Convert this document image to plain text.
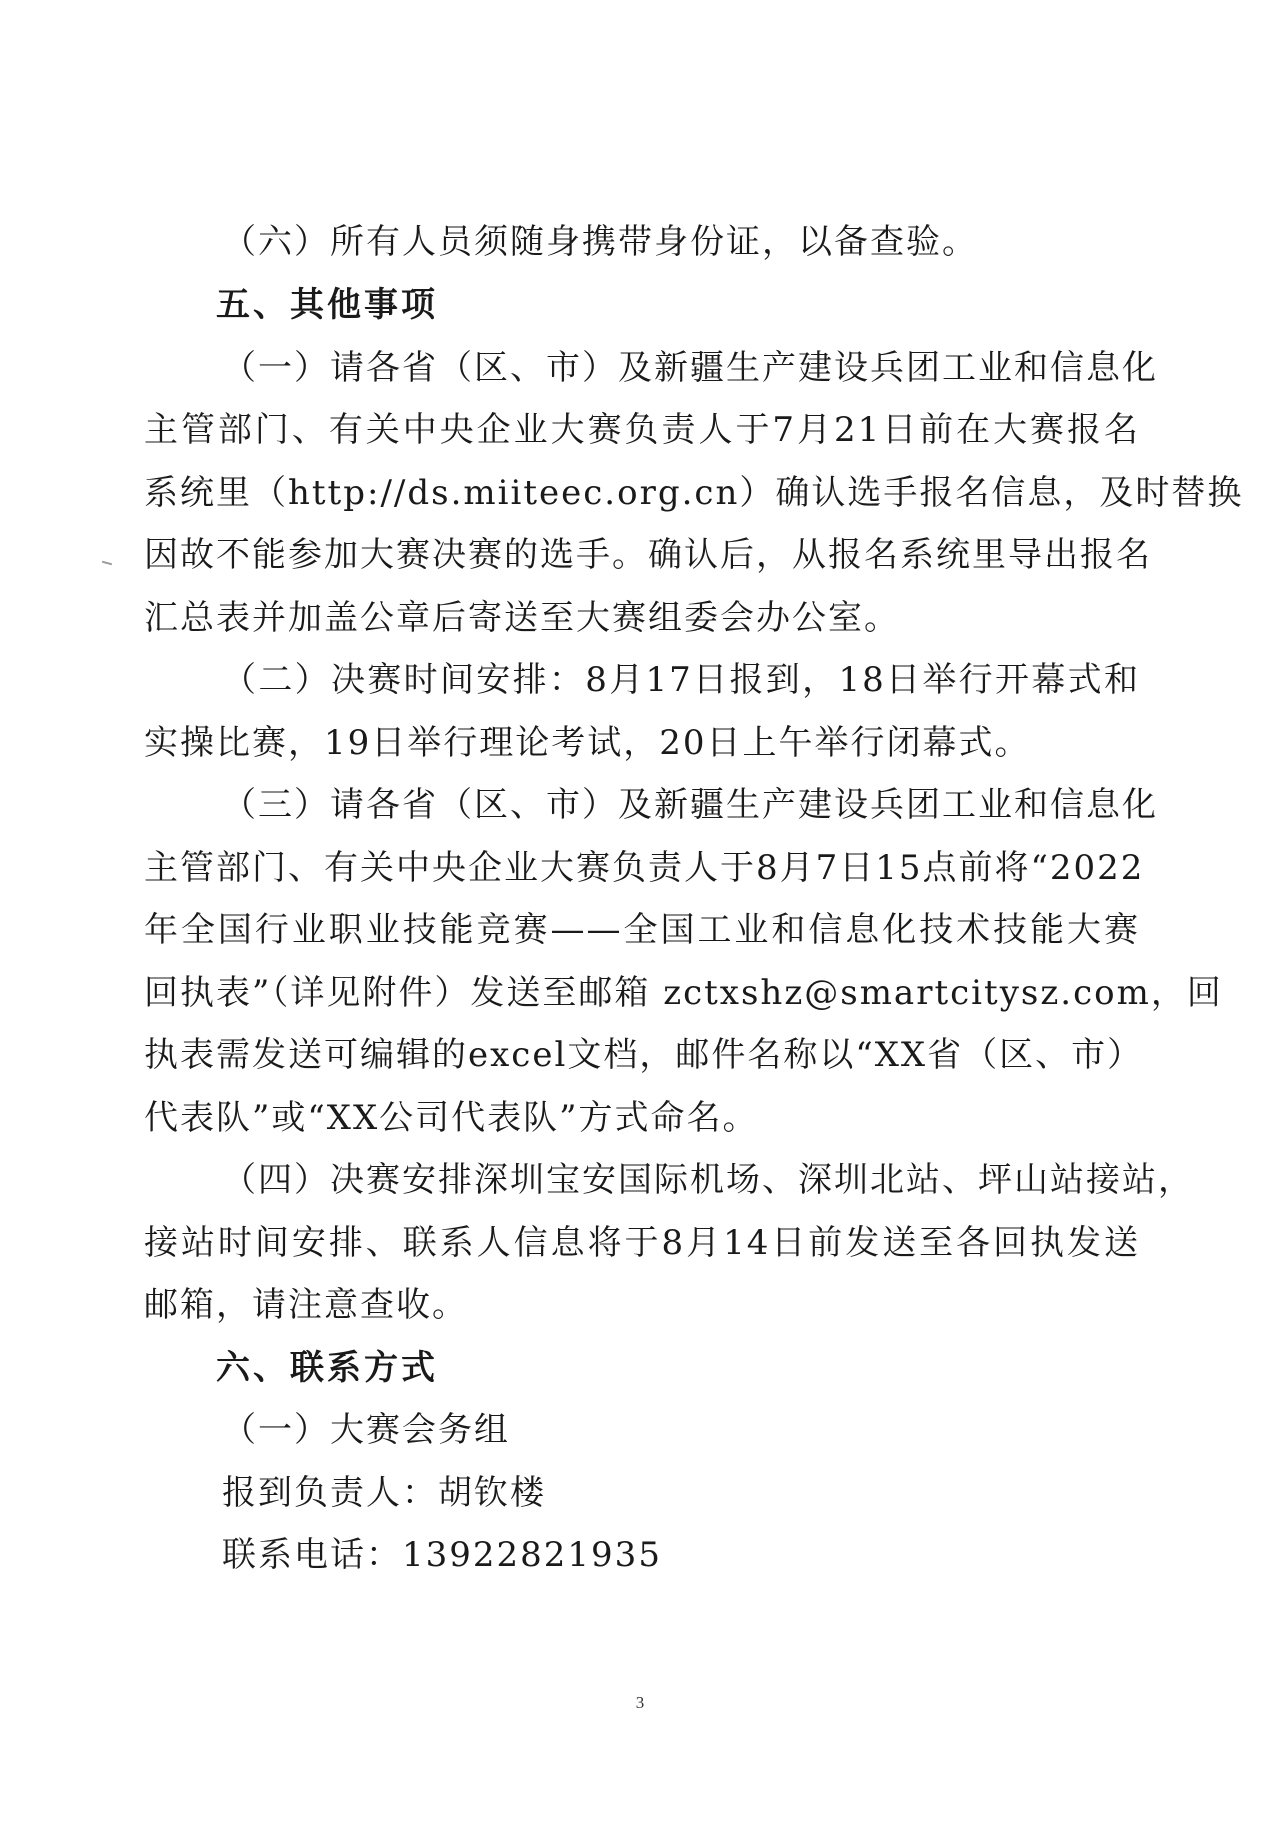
（六）所有人员须随身携带身份证，以备查验。
五、其他事项
（一）请各省（区、市）及新疆生产建设兵团工业和信息化
主管部门、有关中央企业大赛负责人于7月21日前在大赛报名
系统里（http://ds.miiteec.org.cn）确认选手报名信息，及时替换
因故不能参加大赛决赛的选手。确认后，从报名系统里导出报名
汇总表并加盖公章后寄送至大赛组委会办公室。
（二）决赛时间安排：8月17日报到，18日举行开幕式和
实操比赛，19日举行理论考试，20日上午举行闭幕式。
（三）请各省（区、市）及新疆生产建设兵团工业和信息化
主管部门、有关中央企业大赛负责人于8月7日15点前将“2022
年全国行业职业技能竞赛——全国工业和信息化技术技能大赛
回执表”（详见附件）发送至邮箱 zctxshz@smartcitysz.com，回
执表需发送可编辑的excel文档，邮件名称以“XX省（区、市）
代表队”或“XX公司代表队”方式命名。
（四）决赛安排深圳宝安国际机场、深圳北站、坪山站接站，
接站时间安排、联系人信息将于8月14日前发送至各回执发送
邮箱，请注意查收。
六、联系方式
（一）大赛会务组
报到负责人：胡钦楼
联系电话：13922821935
3
